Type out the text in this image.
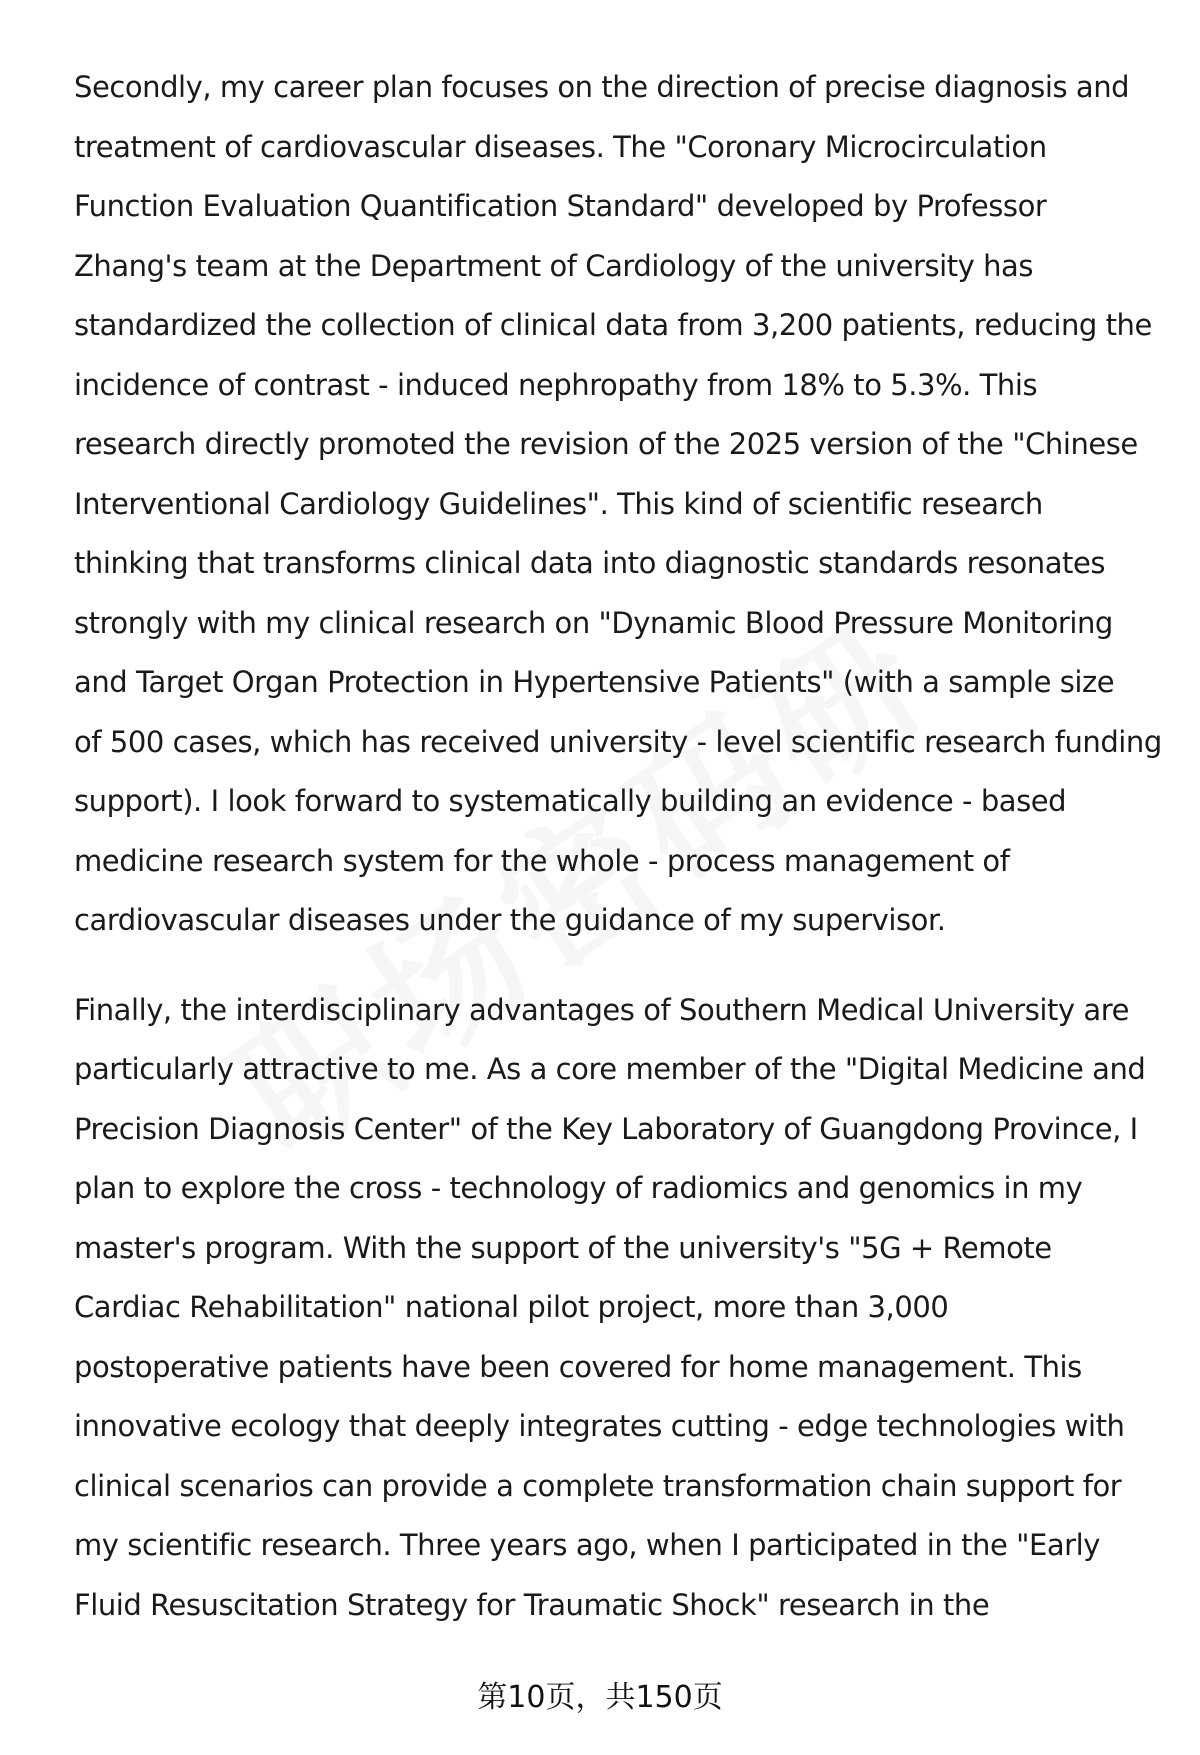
Secondly, my career plan focuses on the direction of precise diagnosis and
treatment of cardiovascular diseases. The "Coronary Microcirculation
Function Evaluation Quantification Standard" developed by Professor
Zhang's team at the Department of Cardiology of the university has
standardized the collection of clinical data from 3,200 patients, reducing the
incidence of contrast - induced nephropathy from 18% to 5.3%. This
research directly promoted the revision of the 2025 version of the "Chinese
Interventional Cardiology Guidelines". This kind of scientific research
thinking that transforms clinical data into diagnostic standards resonates
strongly with my clinical research on "Dynamic Blood Pressure Monitoring
and Target Organ Protection in Hypertensive Patients" (with a sample size
of 500 cases, which has received university - level scientific research funding
support). I look forward to systematically building an evidence - based
medicine research system for the whole - process management of
cardiovascular diseases under the guidance of my supervisor.

Finally, the interdisciplinary advantages of Southern Medical University are
particularly attractive to me. As a core member of the "Digital Medicine and
Precision Diagnosis Center" of the Key Laboratory of Guangdong Province, I
plan to explore the cross - technology of radiomics and genomics in my
master's program. With the support of the university's "5G + Remote
Cardiac Rehabilitation" national pilot project, more than 3,000
postoperative patients have been covered for home management. This
innovative ecology that deeply integrates cutting - edge technologies with
clinical scenarios can provide a complete transformation chain support for
my scientific research. Three years ago, when I participated in the "Early
Fluid Resuscitation Strategy for Traumatic Shock" research in the

第10页，共150页
